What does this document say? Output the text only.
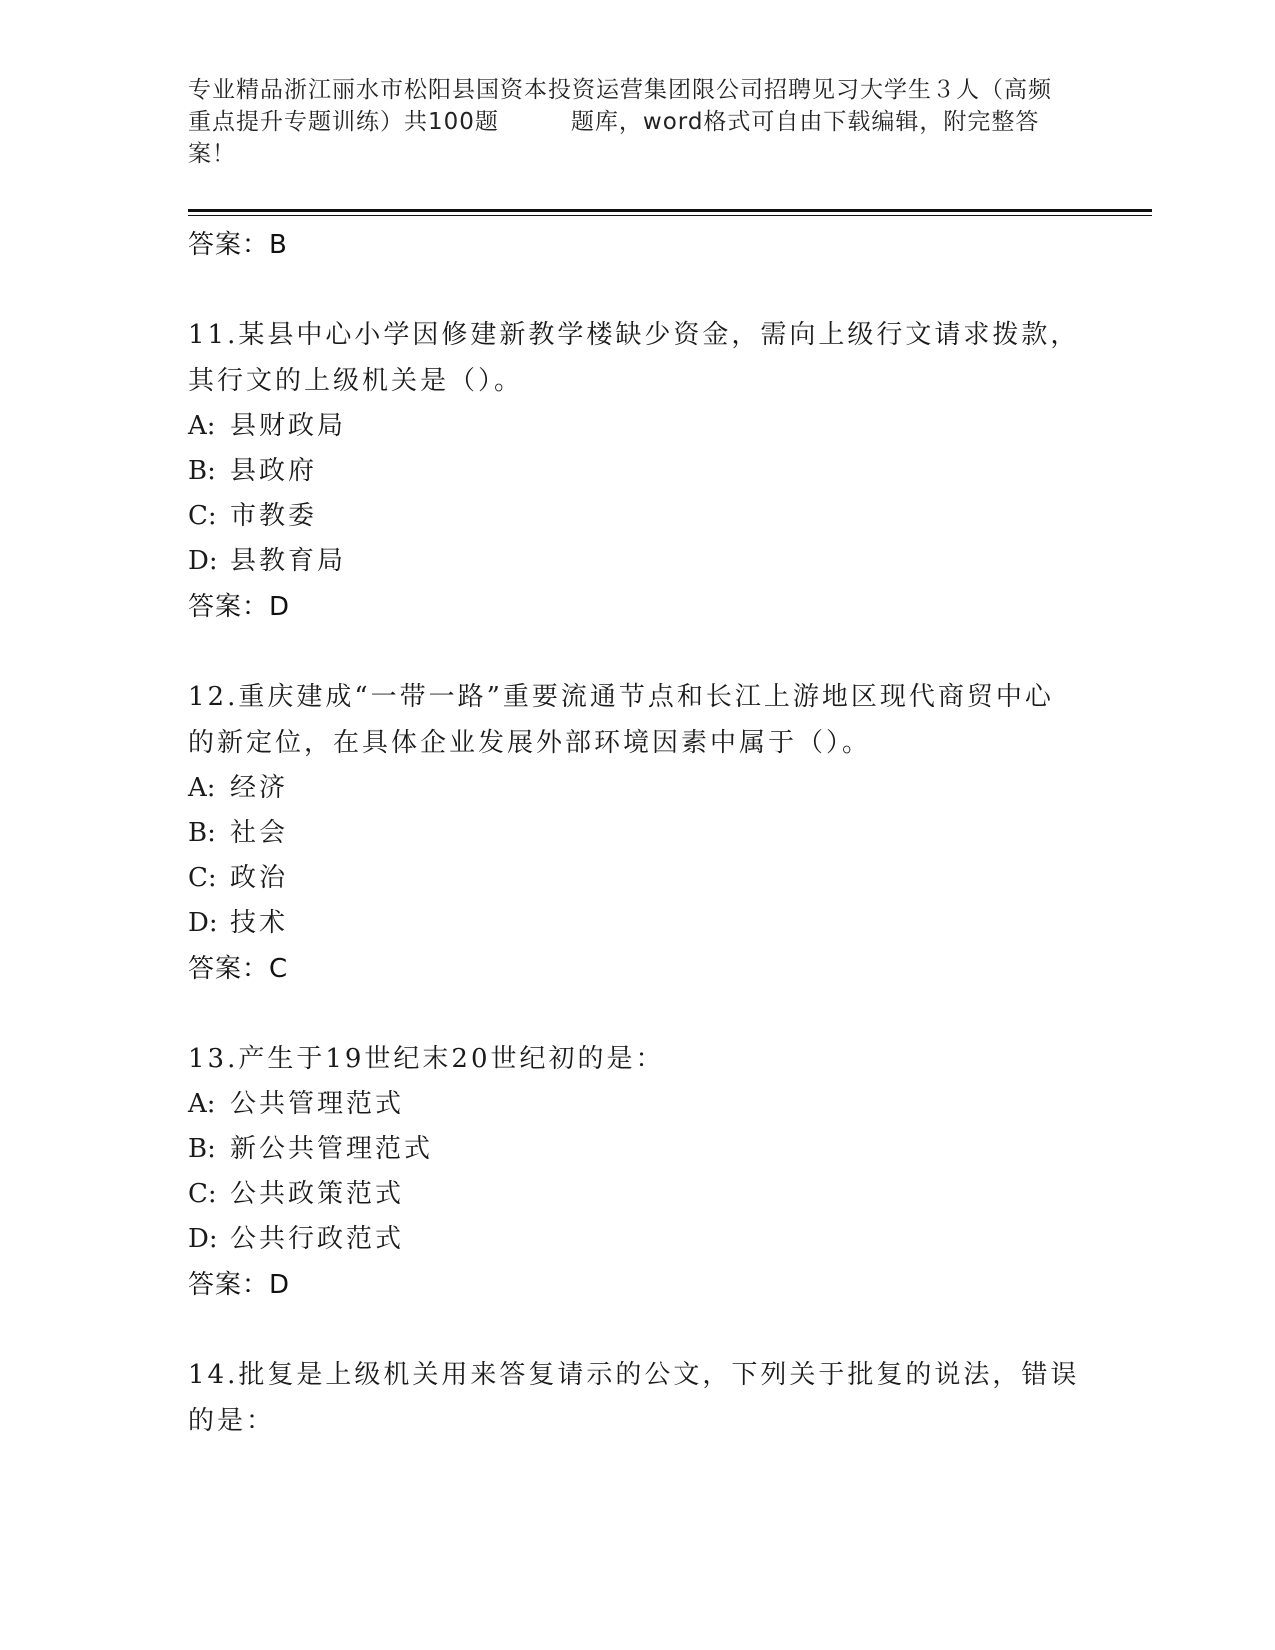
专业精品浙江丽水市松阳县国资本投资运营集团限公司招聘见习大学生３人（高频
重点提升专题训练）共100题　　　题库，word格式可自由下载编辑，附完整答
案！
答案：B
11.某县中心小学因修建新教学楼缺少资金，需向上级行文请求拨款，
其行文的上级机关是（）。
A: 县财政局
B: 县政府
C: 市教委
D: 县教育局
答案：D
12.重庆建成“一带一路”重要流通节点和长江上游地区现代商贸中心
的新定位，在具体企业发展外部环境因素中属于（）。
A: 经济
B: 社会
C: 政治
D: 技术
答案：C
13.产生于19世纪末20世纪初的是：
A: 公共管理范式
B: 新公共管理范式
C: 公共政策范式
D: 公共行政范式
答案：D
14.批复是上级机关用来答复请示的公文，下列关于批复的说法，错误
的是：
